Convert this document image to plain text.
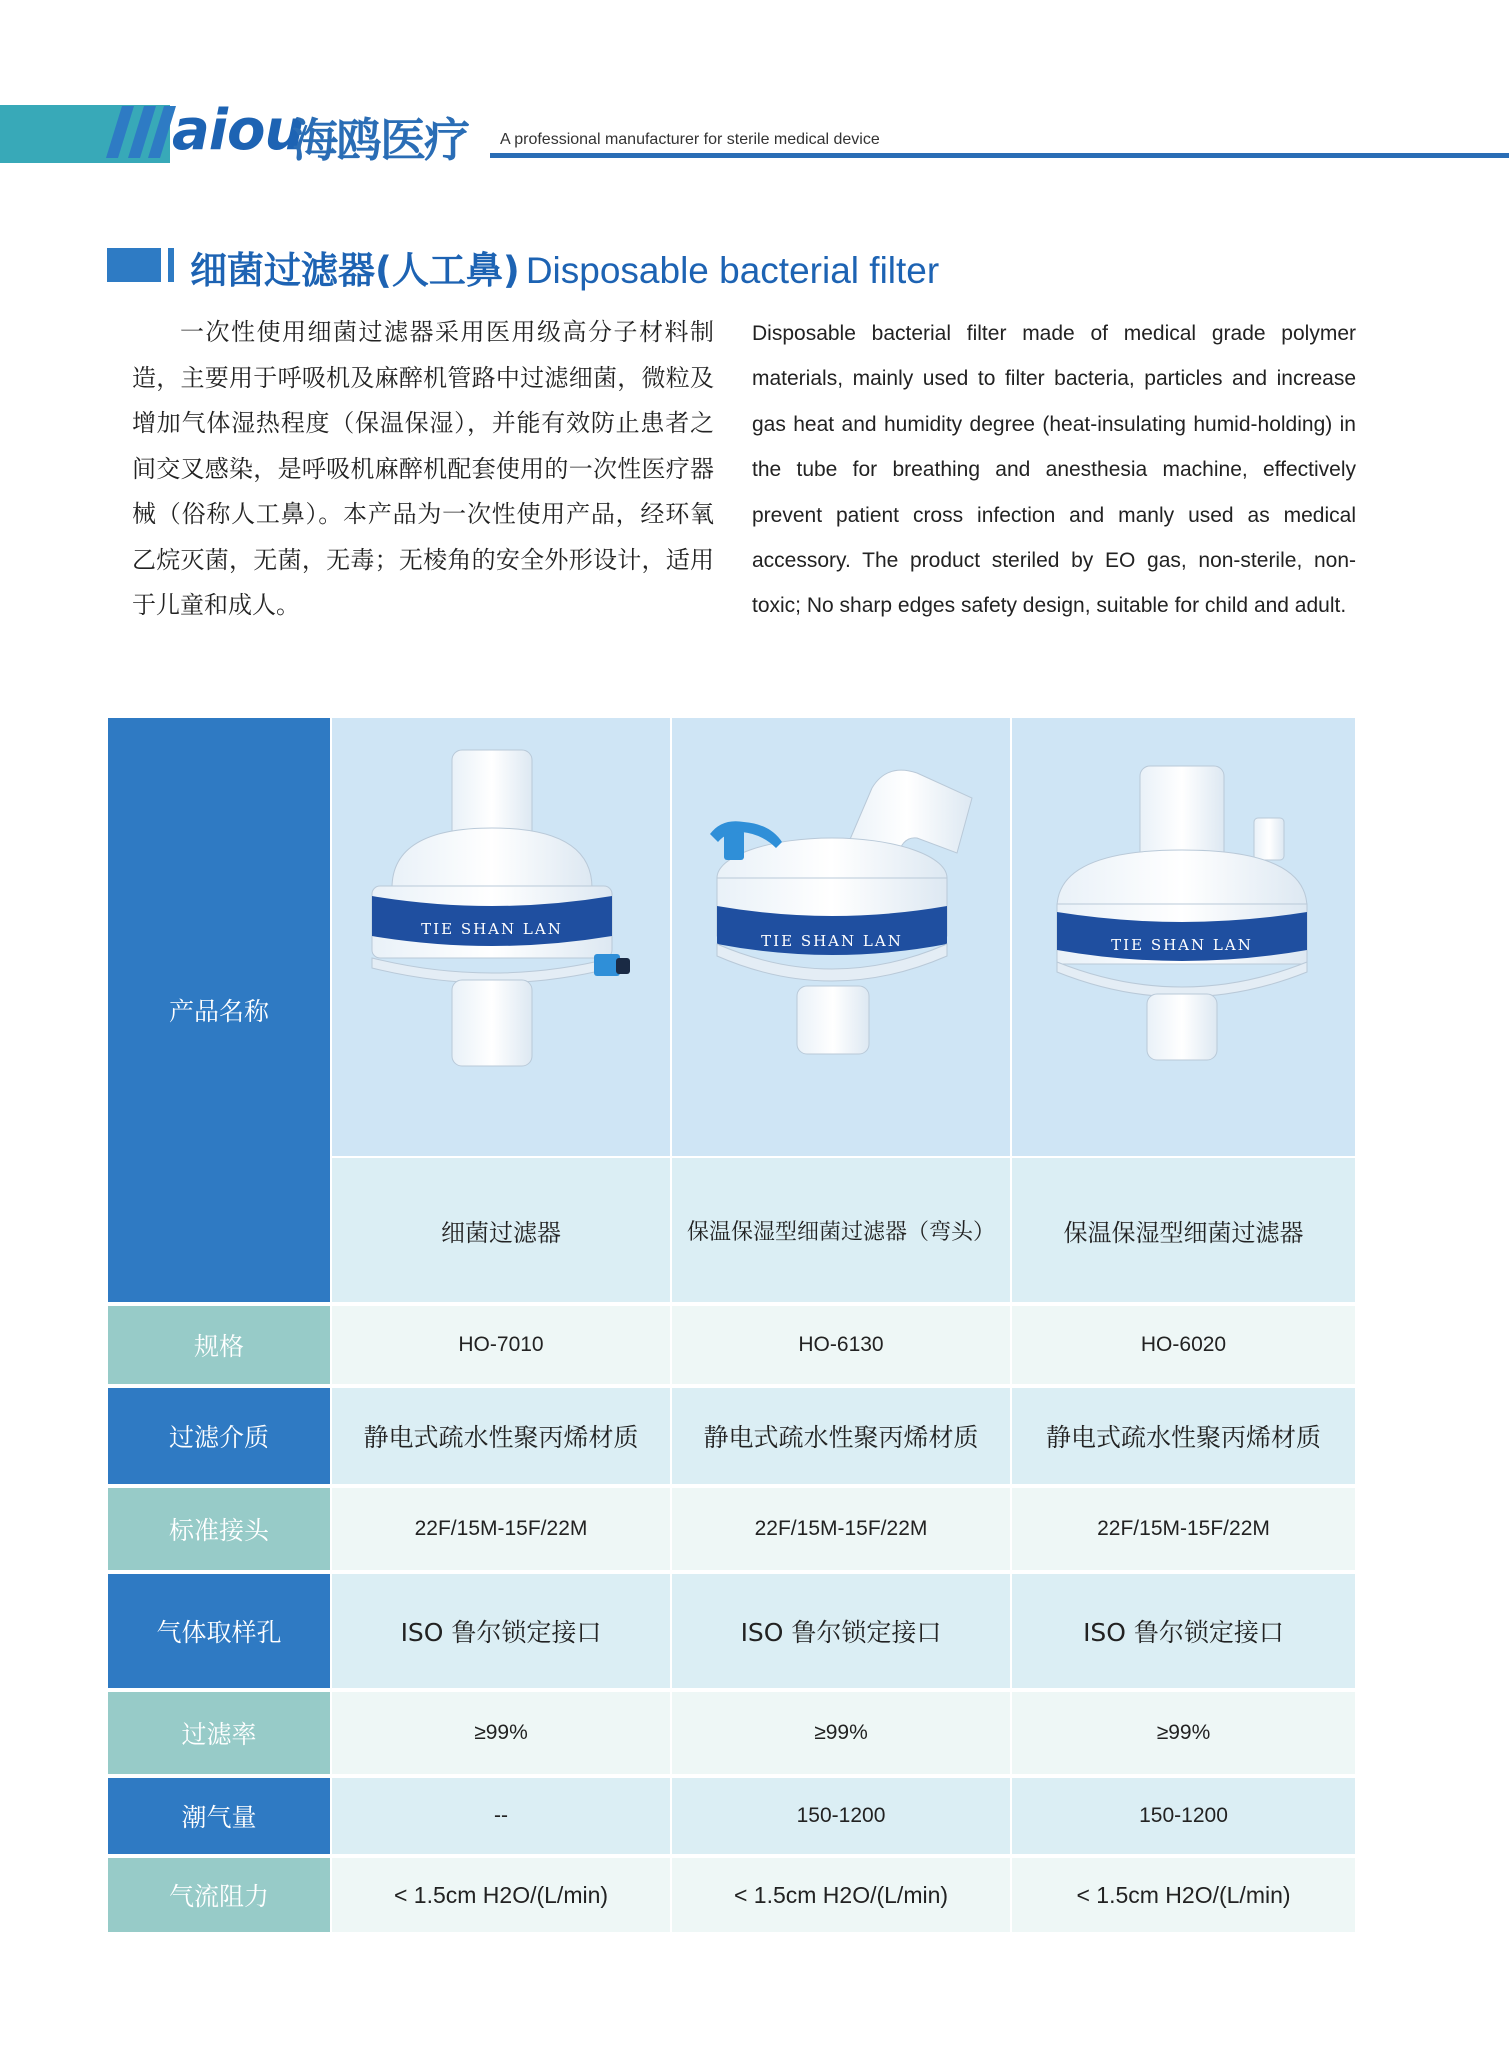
aiou
海鸥医疗 A professional manufacturer for sterile medical device
细菌过滤器(人工鼻) Disposable bacterial filter
一次性使用细菌过滤器采用医用级高分子材料制造，主要用于呼吸机及麻醉机管路中过滤细菌，微粒及增加气体湿热程度（保温保湿），并能有效防止患者之间交叉感染，是呼吸机麻醉机配套使用的一次性医疗器械（俗称人工鼻）。本产品为一次性使用产品，经环氧乙烷灭菌，无菌，无毒；无棱角的安全外形设计，适用于儿童和成人。
Disposable bacterial filter made of medical grade polymer materials, mainly used to filter bacteria, particles and increase gas heat and humidity degree (heat-insulating humid-holding) in the tube for breathing and anesthesia machine, effectively prevent patient cross infection and manly used as medical accessory. The product steriled by EO gas, non-sterile, non-toxic; No sharp edges safety design, suitable for child and adult.
产品名称
TIE SHAN LAN
TIE SHAN LAN	TIE SHAN LAN
细菌过滤器	保温保湿型细菌过滤器（弯头）	保温保湿型细菌过滤器
规格	HO-7010	HO-6130	HO-6020
过滤介质	静电式疏水性聚丙烯材质	静电式疏水性聚丙烯材质	静电式疏水性聚丙烯材质
标准接头	22F/15M-15F/22M	22F/15M-15F/22M	22F/15M-15F/22M
气体取样孔	ISO 鲁尔锁定接口	ISO 鲁尔锁定接口	ISO 鲁尔锁定接口
过滤率	≥99%	≥99%	≥99%
潮气量	--	150-1200	150-1200
气流阻力	< 1.5cm H2O/(L/min)	< 1.5cm H2O/(L/min)	< 1.5cm H2O/(L/min)
